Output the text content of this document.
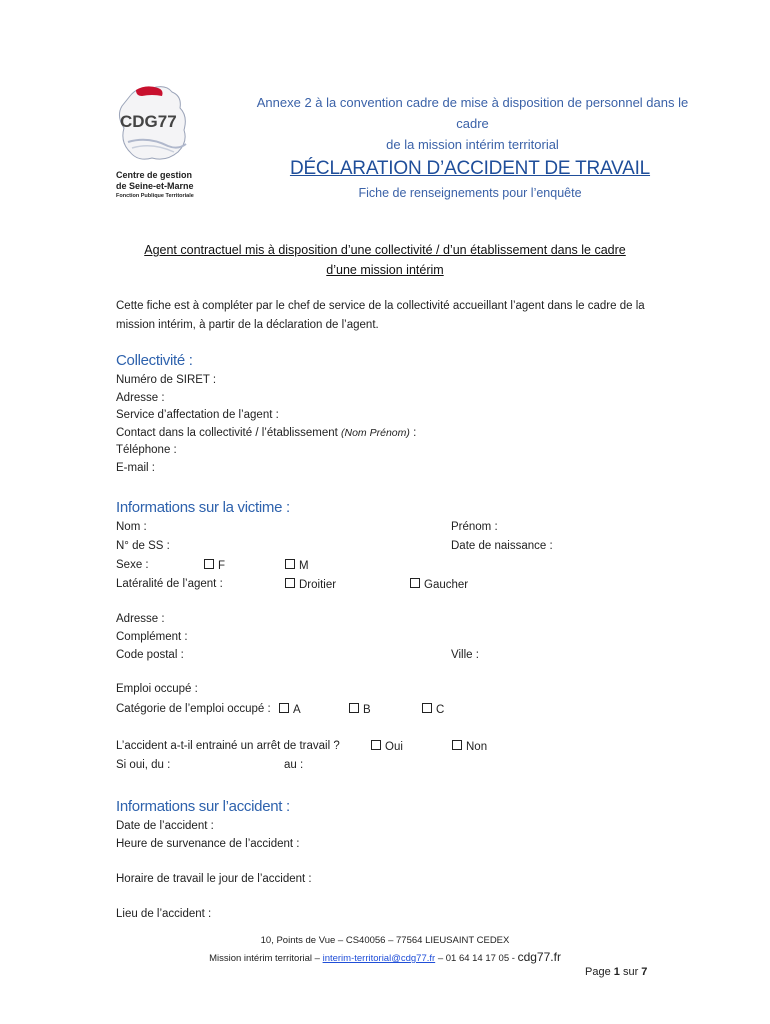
CDG77
Centre de gestion
de Seine-et-Marne
Fonction Publique Territoriale
Annexe 2 à la convention cadre de mise à disposition de personnel dans le cadre
de la mission intérim territorial
DÉCLARATION D’ACCIDENT DE TRAVAIL
Fiche de renseignements pour l’enquête
Agent contractuel mis à disposition d’une collectivité / d’un établissement dans le cadre
d’une mission intérim
Cette fiche est à compléter par le chef de service de la collectivité accueillant l’agent dans le cadre de la
mission intérim, à partir de la déclaration de l’agent.
Collectivité :
Numéro de SIRET :
Adresse :
Service d’affectation de l’agent :
Contact dans la collectivité / l’établissement (Nom Prénom) :
Téléphone :
E-mail :
Informations sur la victime :
Nom :	Prénom :
N° de SS :	Date de naissance :
Sexe :	F	M
Latéralité de l’agent :	Droitier	Gaucher
Adresse :
Complément :
Code postal :	Ville :
Emploi occupé :
Catégorie de l’emploi occupé :	A	B	C
L’accident a-t-il entrainé un arrêt de travail ?	Oui	Non
Si oui, du :	au :
Informations sur l’accident :
Date de l’accident :
Heure de survenance de l’accident :
Horaire de travail le jour de l’accident :
Lieu de l’accident :
10, Points de Vue – CS40056 – 77564 LIEUSAINT CEDEX
Mission intérim territorial – interim-territorial@cdg77.fr – 01 64 14 17 05 - cdg77.fr
Page 1 sur 7
